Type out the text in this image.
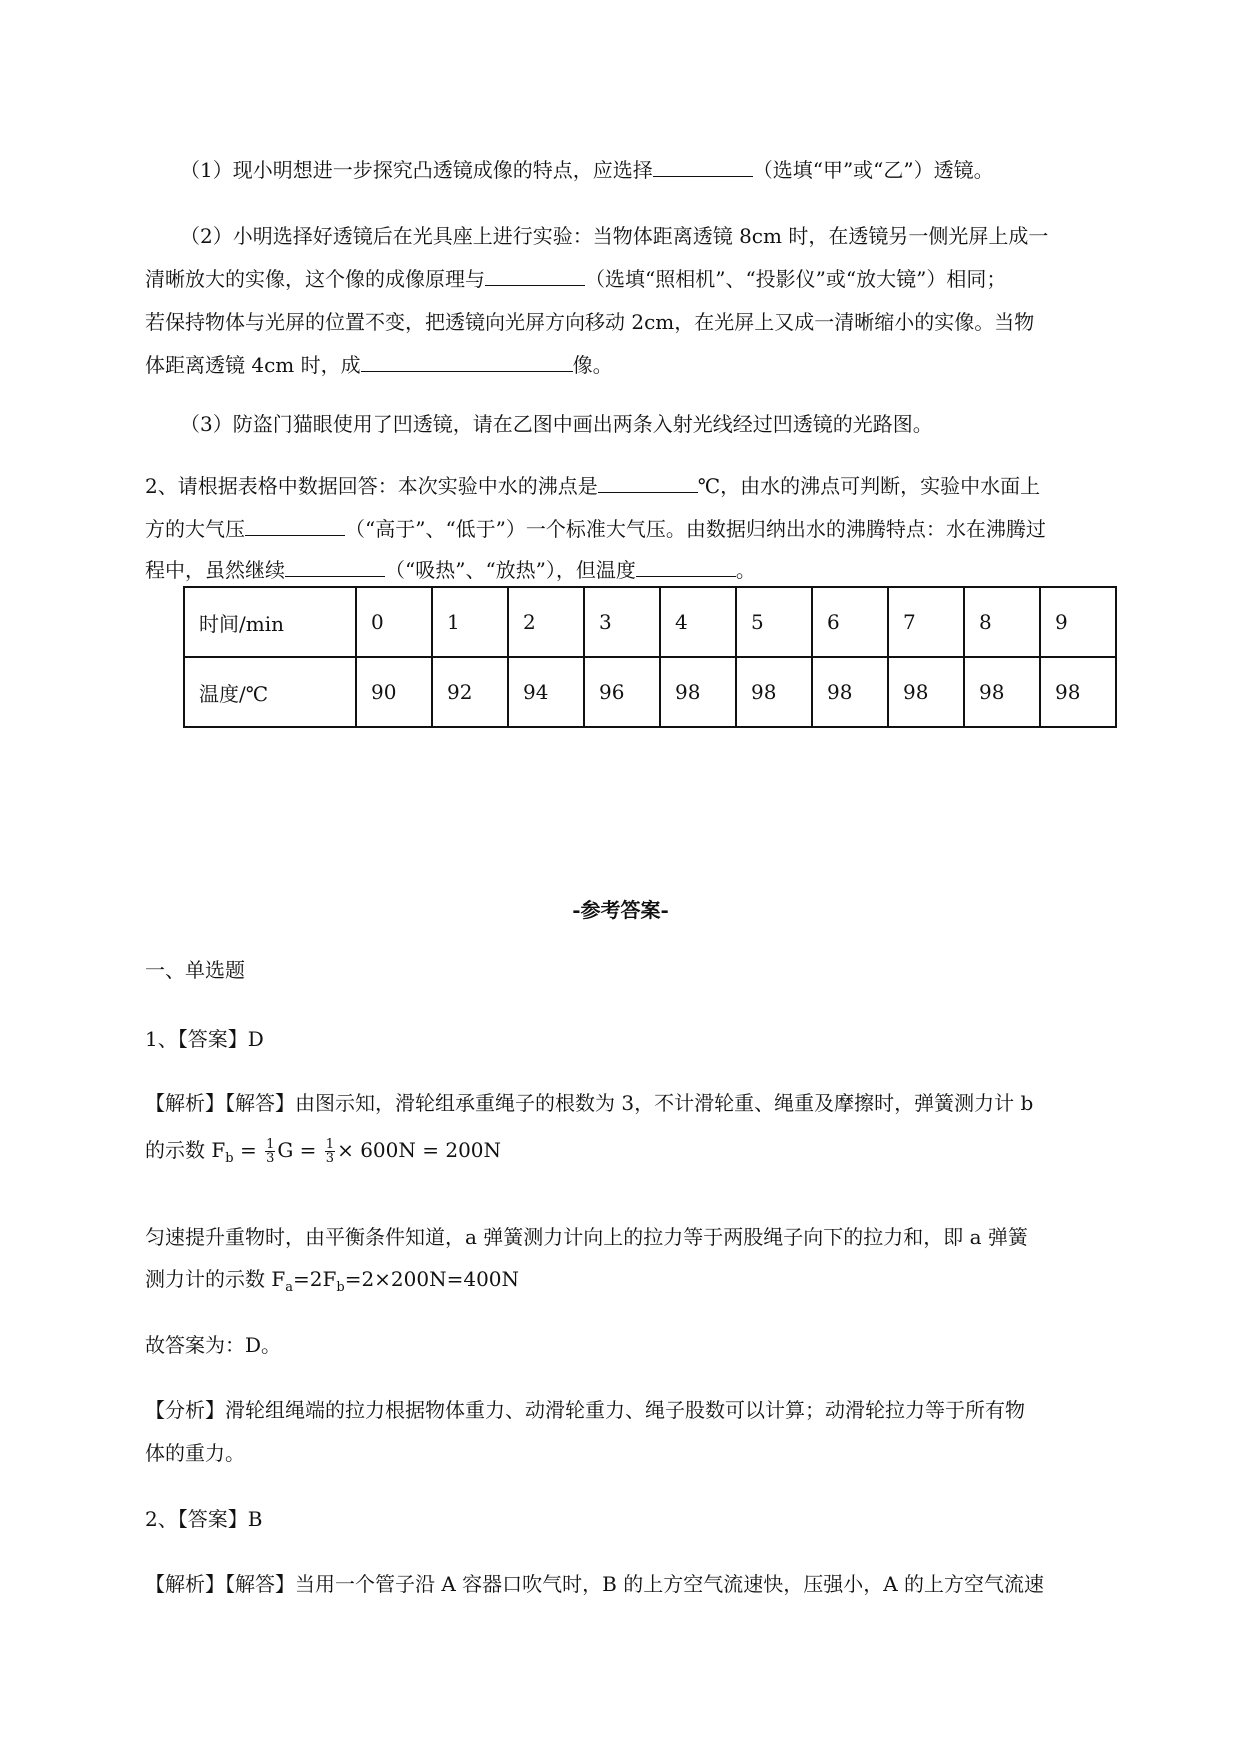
（1）现小明想进一步探究凸透镜成像的特点，应选择	（选填“甲”或“乙”）透镜。
（2）小明选择好透镜后在光具座上进行实验：当物体距离透镜 8cm 时，在透镜另一侧光屏上成一
清晰放大的实像，这个像的成像原理与	（选填“照相机”、“投影仪”或“放大镜”）相同；
若保持物体与光屏的位置不变，把透镜向光屏方向移动 2cm，在光屏上又成一清晰缩小的实像。当物
体距离透镜 4cm 时，成	像。
（3）防盗门猫眼使用了凹透镜，请在乙图中画出两条入射光线经过凹透镜的光路图。
2、请根据表格中数据回答：本次实验中水的沸点是	℃，由水的沸点可判断，实验中水面上
方的大气压	（“高于”、“低于”）一个标准大气压。由数据归纳出水的沸腾特点：水在沸腾过
程中，虽然继续	（“吸热”、“放热”），但温度	。
时间/min	0	1	2	3	4	5	6	7	8	9
温度/℃	90	92	94	96	98	98	98	98	98	98
-参考答案-
一、单选题
1、【答案】D
【解析】【解答】由图示知，滑轮组承重绳子的根数为 3，不计滑轮重、绳重及摩擦时，弹簧测力计 b
的示数 $F_b = \frac{1}{3}$ $G = \frac{1}{3} \times 600N = 200N$
匀速提升重物时，由平衡条件知道，a 弹簧测力计向上的拉力等于两股绳子向下的拉力和，即 a 弹簧
测力计的示数 $F_a=2F_b=2\times 200N=400N$
故答案为：D。
【分析】滑轮组绳端的拉力根据物体重力、动滑轮重力、绳子股数可以计算；动滑轮拉力等于所有物
体的重力。
2、【答案】B
【解析】【解答】当用一个管子沿 A 容器口吹气时，B 的上方空气流速快，压强小，A 的上方空气流速
